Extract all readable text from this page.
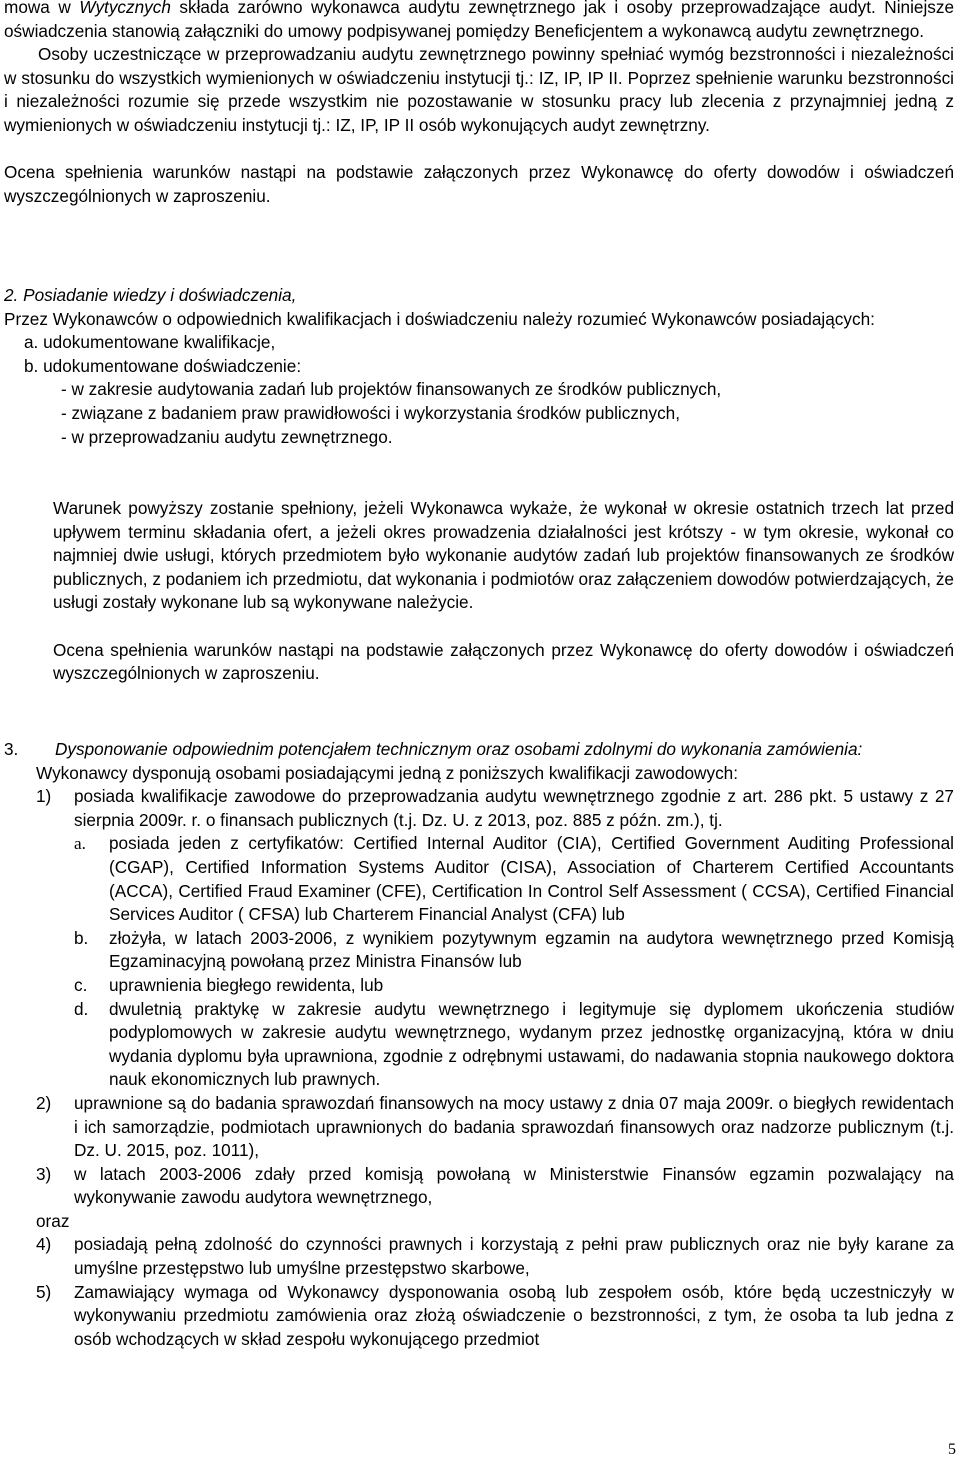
mowa w Wytycznych składa zarówno wykonawca audytu zewnętrznego jak i osoby przeprowadzające audyt. Niniejsze oświadczenia stanowią załączniki do umowy podpisywanej pomiędzy Beneficjentem a wykonawcą audytu zewnętrznego.

Osoby uczestniczące w przeprowadzaniu audytu zewnętrznego powinny spełniać wymóg bezstronności i niezależności w stosunku do wszystkich wymienionych w oświadczeniu instytucji tj.: IZ, IP, IP II. Poprzez spełnienie warunku bezstronności i niezależności rozumie się przede wszystkim nie pozostawanie w stosunku pracy lub zlecenia z przynajmniej jedną z wymienionych w oświadczeniu instytucji tj.: IZ, IP, IP II osób wykonujących audyt zewnętrzny.

Ocena spełnienia warunków nastąpi na podstawie załączonych przez Wykonawcę do oferty dowodów i oświadczeń wyszczególnionych w zaproszeniu.

2. Posiadanie wiedzy i doświadczenia,

Przez Wykonawców o odpowiednich kwalifikacjach i doświadczeniu należy rozumieć Wykonawców posiadających:

a. udokumentowane kwalifikacje,

b. udokumentowane doświadczenie:

- w zakresie audytowania zadań lub projektów finansowanych ze środków publicznych,

- związane z badaniem praw prawidłowości i wykorzystania środków publicznych,

- w przeprowadzaniu audytu zewnętrznego.

Warunek powyższy zostanie spełniony, jeżeli Wykonawca wykaże, że wykonał w okresie ostatnich trzech lat przed upływem terminu składania ofert, a jeżeli okres prowadzenia działalności jest krótszy - w tym okresie, wykonał co najmniej dwie usługi, których przedmiotem było wykonanie audytów zadań lub projektów finansowanych ze środków publicznych, z podaniem ich przedmiotu, dat wykonania i podmiotów oraz załączeniem dowodów potwierdzających, że usługi zostały wykonane lub są wykonywane należycie.

Ocena spełnienia warunków nastąpi na podstawie załączonych przez Wykonawcę do oferty dowodów i oświadczeń wyszczególnionych w zaproszeniu.

3.	Dysponowanie odpowiednim potencjałem technicznym oraz osobami zdolnymi do wykonania zamówienia:

Wykonawcy dysponują osobami posiadającymi jedną z poniższych kwalifikacji zawodowych:

1)	posiada kwalifikacje zawodowe do przeprowadzania audytu wewnętrznego zgodnie z art. 286 pkt. 5 ustawy z 27 sierpnia 2009r. r. o finansach publicznych (t.j. Dz. U. z 2013, poz. 885 z późn. zm.), tj.
a.	posiada jeden z certyfikatów: Certified Internal Auditor (CIA), Certified Government Auditing Professional (CGAP), Certified Information Systems Auditor (CISA), Association of Charterem Certified Accountants (ACCA), Certified Fraud Examiner (CFE), Certification In Control Self Assessment ( CCSA), Certified Financial Services Auditor ( CFSA) lub Charterem Financial Analyst (CFA) lub
b.	złożyła, w latach 2003-2006, z wynikiem pozytywnym egzamin na audytora wewnętrznego przed Komisją Egzaminacyjną powołaną przez Ministra Finansów lub
c.	uprawnienia biegłego rewidenta, lub
d.	dwuletnią praktykę w zakresie audytu wewnętrznego i legitymuje się dyplomem ukończenia studiów podyplomowych w zakresie audytu wewnętrznego, wydanym przez jednostkę organizacyjną, która w dniu wydania dyplomu była uprawniona, zgodnie z odrębnymi ustawami, do nadawania stopnia naukowego doktora nauk ekonomicznych lub prawnych.
2)	uprawnione są do badania sprawozdań finansowych na mocy ustawy z dnia 07 maja 2009r. o biegłych rewidentach i ich samorządzie, podmiotach uprawnionych do badania sprawozdań finansowych oraz nadzorze publicznym (t.j. Dz. U. 2015, poz. 1011),
3)	w latach 2003-2006 zdały przed komisją powołaną w Ministerstwie Finansów egzamin pozwalający na wykonywanie zawodu audytora wewnętrznego,

oraz

4)	posiadają pełną zdolność do czynności prawnych i korzystają z pełni praw publicznych oraz nie były karane za umyślne przestępstwo lub umyślne przestępstwo skarbowe,
5)	Zamawiający wymaga od Wykonawcy dysponowania osobą lub zespołem osób, które będą uczestniczyły w wykonywaniu przedmiotu zamówienia oraz złożą oświadczenie o bezstronności, z tym, że osoba ta lub jedna z osób wchodzących w skład zespołu wykonującego przedmiot
5
